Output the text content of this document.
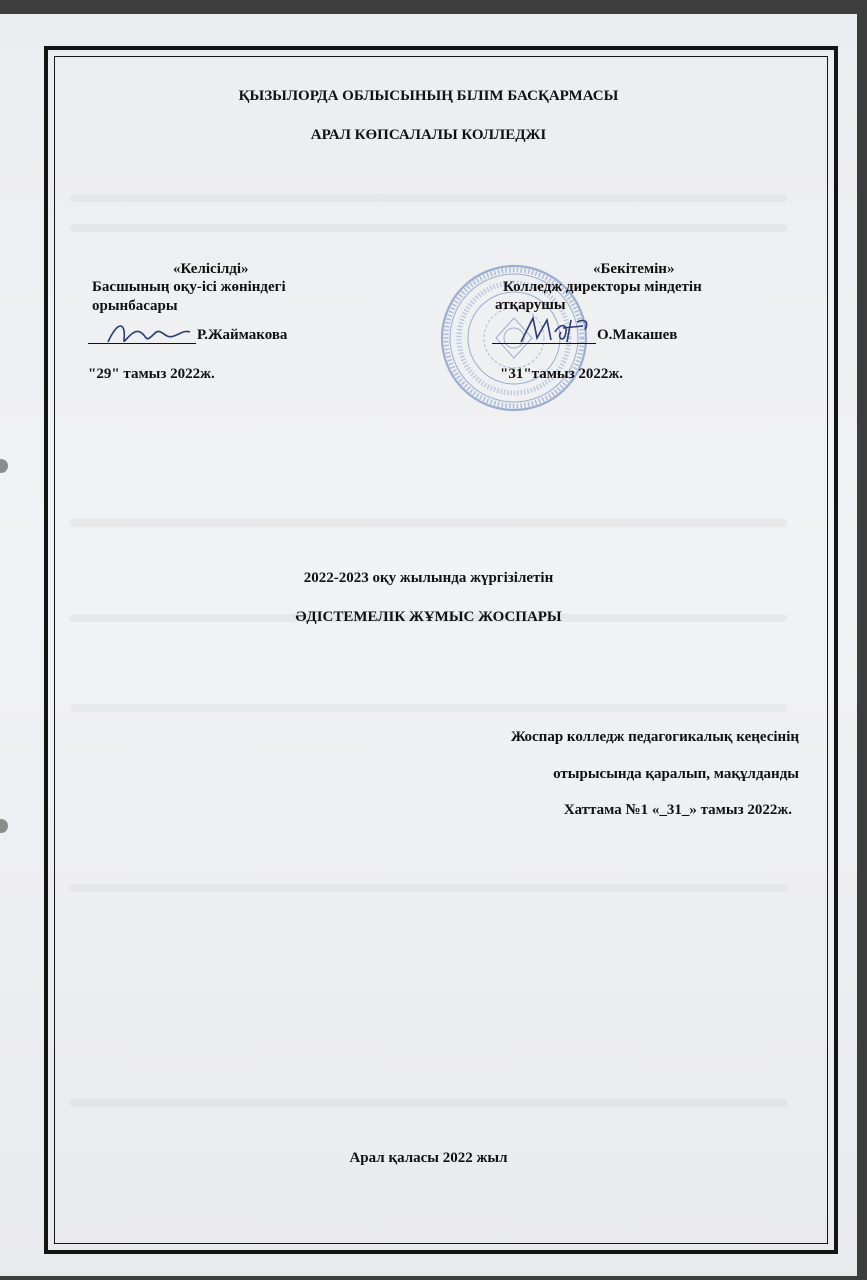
ҚЫЗЫЛОРДА ОБЛЫСЫНЫҢ БІЛІМ БАСҚАРМАСЫ
АРАЛ КӨПСАЛАЛЫ КОЛЛЕДЖІ
«Келісілді»
Басшының оқу-ісі жөніндегі
орынбасары
Р.Жаймакова
"29" тамыз 2022ж.
«Бекітемін»
Колледж директоры міндетін
атқарушы
О.Макашев
"31"тамыз 2022ж.
2022-2023 оқу жылында жүргізілетін
ӘДІСТЕМЕЛІК ЖҰМЫС ЖОСПАРЫ
Жоспар колледж педагогикалық кеңесінің
отырысында қаралып, мақұлданды
Хаттама №1 «_31_» тамыз 2022ж.
Арал қаласы 2022 жыл
